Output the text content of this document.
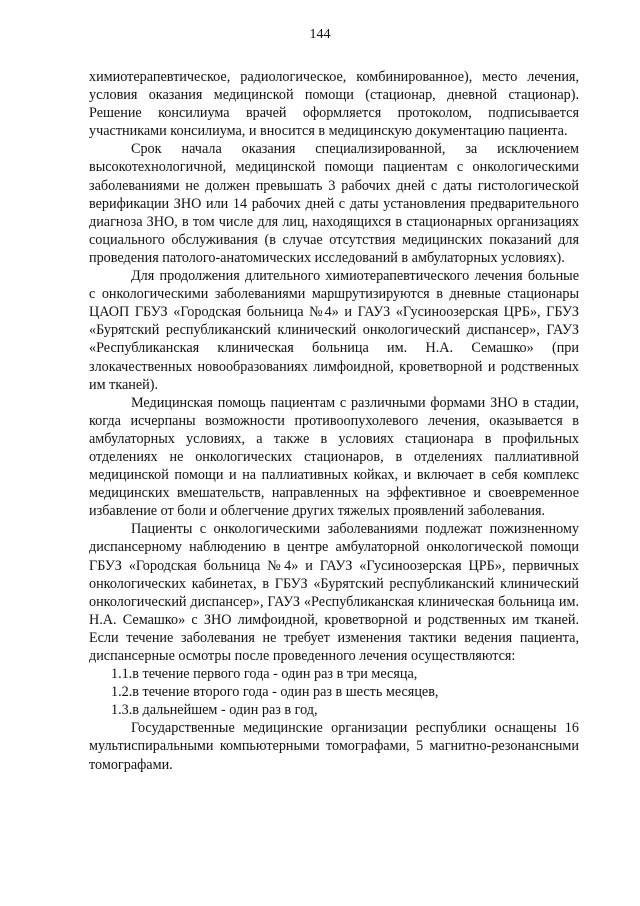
144

химиотерапевтическое, радиологическое, комбинированное), место лечения, условия оказания медицинской помощи (стационар, дневной стационар). Решение консилиума врачей оформляется протоколом, подписывается участниками консилиума, и вносится в медицинскую документацию пациента.

Срок начала оказания специализированной, за исключением высокотехнологичной, медицинской помощи пациентам с онкологическими заболеваниями не должен превышать 3 рабочих дней с даты гистологической верификации ЗНО или 14 рабочих дней с даты установления предварительного диагноза ЗНО, в том числе для лиц, находящихся в стационарных организациях социального обслуживания (в случае отсутствия медицинских показаний для проведения патолого-анатомических исследований в амбулаторных условиях).

Для продолжения длительного химиотерапевтического лечения больные с онкологическими заболеваниями маршрутизируются в дневные стационары ЦАОП ГБУЗ «Городская больница №4» и ГАУЗ «Гусиноозерская ЦРБ», ГБУЗ «Бурятский республиканский клинический онкологический диспансер», ГАУЗ «Республиканская клиническая больница им. Н.А. Семашко» (при злокачественных новообразованиях лимфоидной, кроветворной и родственных им тканей).

Медицинская помощь пациентам с различными формами ЗНО в стадии, когда исчерпаны возможности противоопухолевого лечения, оказывается в амбулаторных условиях, а также в условиях стационара в профильных отделениях не онкологических стационаров, в отделениях паллиативной медицинской помощи и на паллиативных койках, и включает в себя комплекс медицинских вмешательств, направленных на эффективное и своевременное избавление от боли и облегчение других тяжелых проявлений заболевания.

Пациенты с онкологическими заболеваниями подлежат пожизненному диспансерному наблюдению в центре амбулаторной онкологической помощи ГБУЗ «Городская больница №4» и ГАУЗ «Гусиноозерская ЦРБ», первичных онкологических кабинетах, в ГБУЗ «Бурятский республиканский клинический онкологический диспансер», ГАУЗ «Республиканская клиническая больница им. Н.А. Семашко» с ЗНО лимфоидной, кроветворной и родственных им тканей. Если течение заболевания не требует изменения тактики ведения пациента, диспансерные осмотры после проведенного лечения осуществляются:

1.1.в течение первого года - один раз в три месяца,

1.2.в течение второго года - один раз в шесть месяцев,

1.3.в дальнейшем - один раз в год,

Государственные медицинские организации республики оснащены 16 мультиспиральными компьютерными томографами, 5 магнитно-резонансными томографами.
